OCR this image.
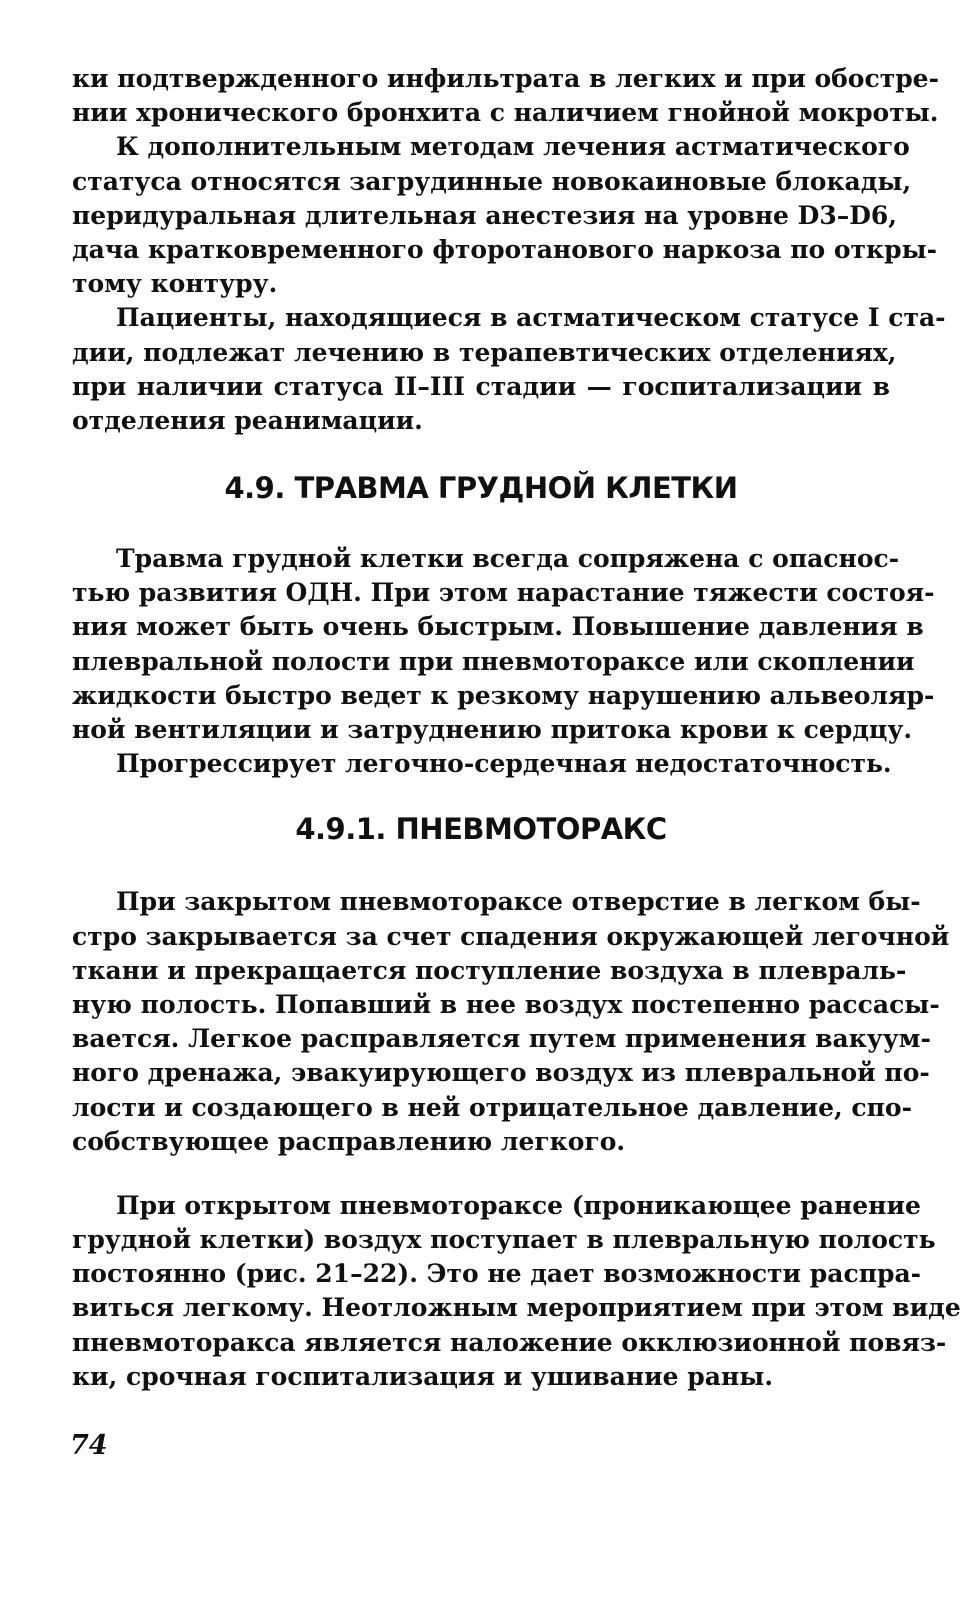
ки подтвержденного инфильтрата в легких и при обостре-
нии хронического бронхита с наличием гнойной мокроты.
К дополнительным методам лечения астматического
статуса относятся загрудинные новокаиновые блокады,
перидуральная длительная анестезия на уровне D3–D6,
дача кратковременного фторотанового наркоза по откры-
тому контуру.
Пациенты, находящиеся в астматическом статусе I ста-
дии, подлежат лечению в терапевтических отделениях,
при наличии статуса II–III стадии — госпитализации в
отделения реанимации.
4.9. ТРАВМА ГРУДНОЙ КЛЕТКИ
Травма грудной клетки всегда сопряжена с опаснос-
тью развития ОДН. При этом нарастание тяжести состоя-
ния может быть очень быстрым. Повышение давления в
плевральной полости при пневмотораксе или скоплении
жидкости быстро ведет к резкому нарушению альвеоляр-
ной вентиляции и затруднению притока крови к сердцу.
Прогрессирует легочно-сердечная недостаточность.
4.9.1. ПНЕВМОТОРАКС
При закрытом пневмотораксе отверстие в легком бы-
стро закрывается за счет спадения окружающей легочной
ткани и прекращается поступление воздуха в плевраль-
ную полость. Попавший в нее воздух постепенно рассасы-
вается. Легкое расправляется путем применения вакуум-
ного дренажа, эвакуирующего воздух из плевральной по-
лости и создающего в ней отрицательное давление, спо-
собствующее расправлению легкого.
При открытом пневмотораксе (проникающее ранение
грудной клетки) воздух поступает в плевральную полость
постоянно (рис. 21–22). Это не дает возможности распра-
виться легкому. Неотложным мероприятием при этом виде
пневмоторакса является наложение окклюзионной повяз-
ки, срочная госпитализация и ушивание раны.
74
